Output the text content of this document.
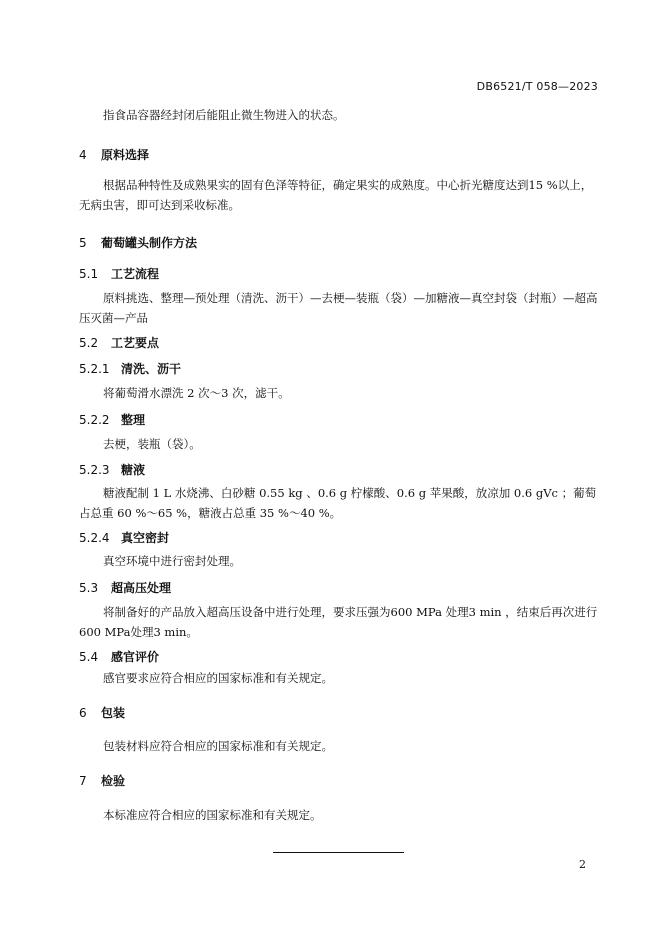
DB6521/T 058—2023
指食品容器经封闭后能阻止微生物进入的状态。
4 原料选择
根据品种特性及成熟果实的固有色泽等特征，确定果实的成熟度。中心折光糖度达到15 %以上，无病虫害，即可达到采收标准。
5 葡萄罐头制作方法
5.1 工艺流程
原料挑选、整理—预处理（清洗、沥干）—去梗—装瓶（袋）—加糖液—真空封袋（封瓶）—超高压灭菌—产品
5.2 工艺要点
5.2.1 清洗、沥干
将葡萄滑水漂洗 2 次～3 次，滤干。
5.2.2 整理
去梗，装瓶（袋）。
5.2.3 糖液
糖液配制 1 L 水烧沸、白砂糖 0.55 kg 、0.6 g 柠檬酸、0.6 g 苹果酸，放凉加 0.6 gVc ；葡萄占总重 60 %～65 %，糖液占总重 35 %～40 %。
5.2.4 真空密封
真空环境中进行密封处理。
5.3 超高压处理
将制备好的产品放入超高压设备中进行处理，要求压强为600 MPa 处理3 min ，结束后再次进行600 MPa处理3 min。
5.4 感官评价
感官要求应符合相应的国家标准和有关规定。
6 包装
包装材料应符合相应的国家标准和有关规定。
7 检验
本标准应符合相应的国家标准和有关规定。
2
